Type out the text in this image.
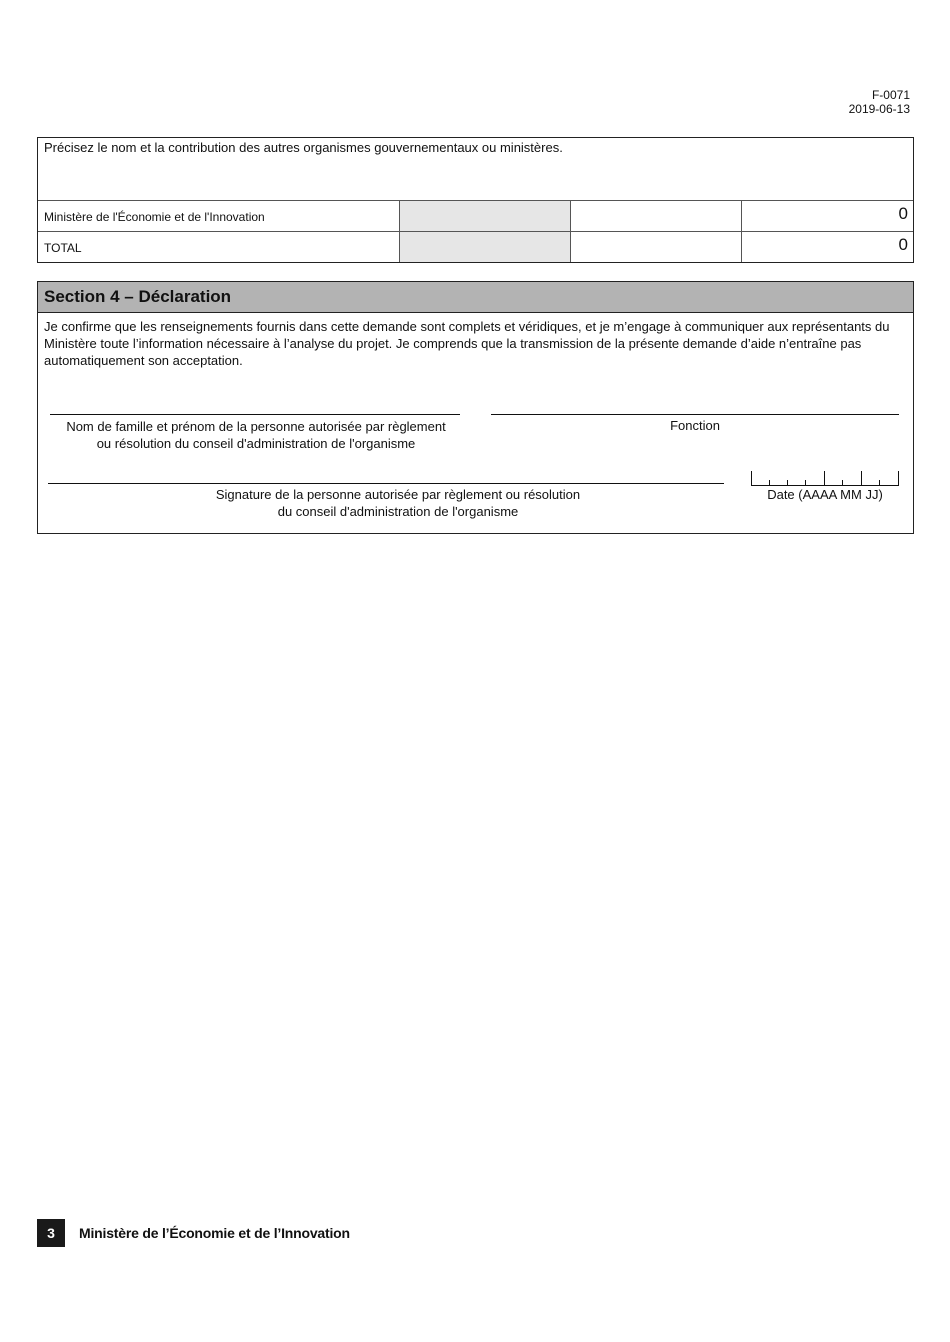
F-0071
2019-06-13
Précisez le nom et la contribution des autres organismes gouvernementaux ou ministères.
Ministère de l'Économie et de l'Innovation	0
TOTAL	0
Section 4 – Déclaration
Je confirme que les renseignements fournis dans cette demande sont complets et véridiques, et je m’engage à communiquer aux représentants du Ministère toute l’information nécessaire à l’analyse du projet. Je comprends que la transmission de la présente demande d’aide n’entraîne pas automatiquement son acceptation.
Nom de famille et prénom de la personne autorisée par règlement
ou résolution du conseil d'administration de l'organisme
Fonction
Signature de la personne autorisée par règlement ou résolution
du conseil d'administration de l'organisme
Date (AAAA MM JJ)
3	Ministère de l’Économie et de l’Innovation
